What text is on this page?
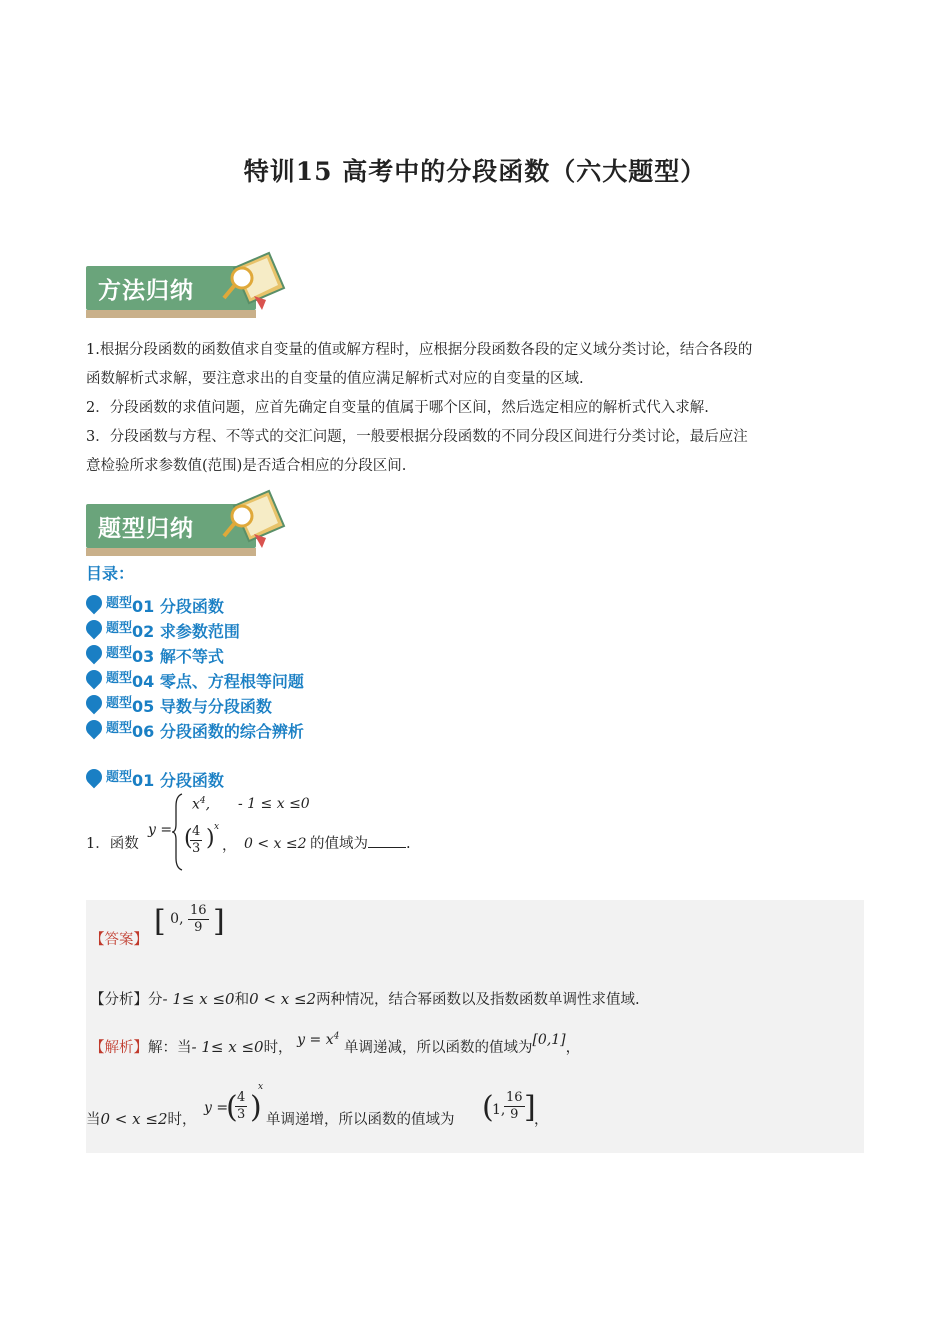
特训15 高考中的分段函数（六大题型）
方法归纳
1.根据分段函数的函数值求自变量的值或解方程时，应根据分段函数各段的定义域分类讨论，结合各段的
函数解析式求解，要注意求出的自变量的值应满足解析式对应的自变量的区域.
2．分段函数的求值问题，应首先确定自变量的值属于哪个区间，然后选定相应的解析式代入求解.
3．分段函数与方程、不等式的交汇问题，一般要根据分段函数的不同分段区间进行分类讨论，最后应注
意检验所求参数值(范围)是否适合相应的分段区间.
题型归纳
目录：
题型 01 分段函数
题型 02 求参数范围
题型 03 解不等式
题型 04 零点、方程根等问题
题型 05 导数与分段函数
题型 06 分段函数的综合辨析
题型 01 分段函数
1．函数
y =
$x^4$, - 1 ≤ x ≤0
(
$\frac{4}{3}$ ) x
， 0 < x ≤2 的值域为	.
【答案】
[ 0, $\frac{16}{9}$ ]
【分析】分- 1≤ x ≤0和0 < x ≤2两种情况，结合幂函数以及指数函数单调性求值域.
【解析】解：当- 1≤ x ≤0时， $y = x^4$ 单调递减，所以函数的值域为[0,1]，
当0 < x ≤2时，
y =
(
$\frac{4}{3}$ )
x
单调递增，所以函数的值域为 (
1,
$\frac{16}{9}$ ]
，
